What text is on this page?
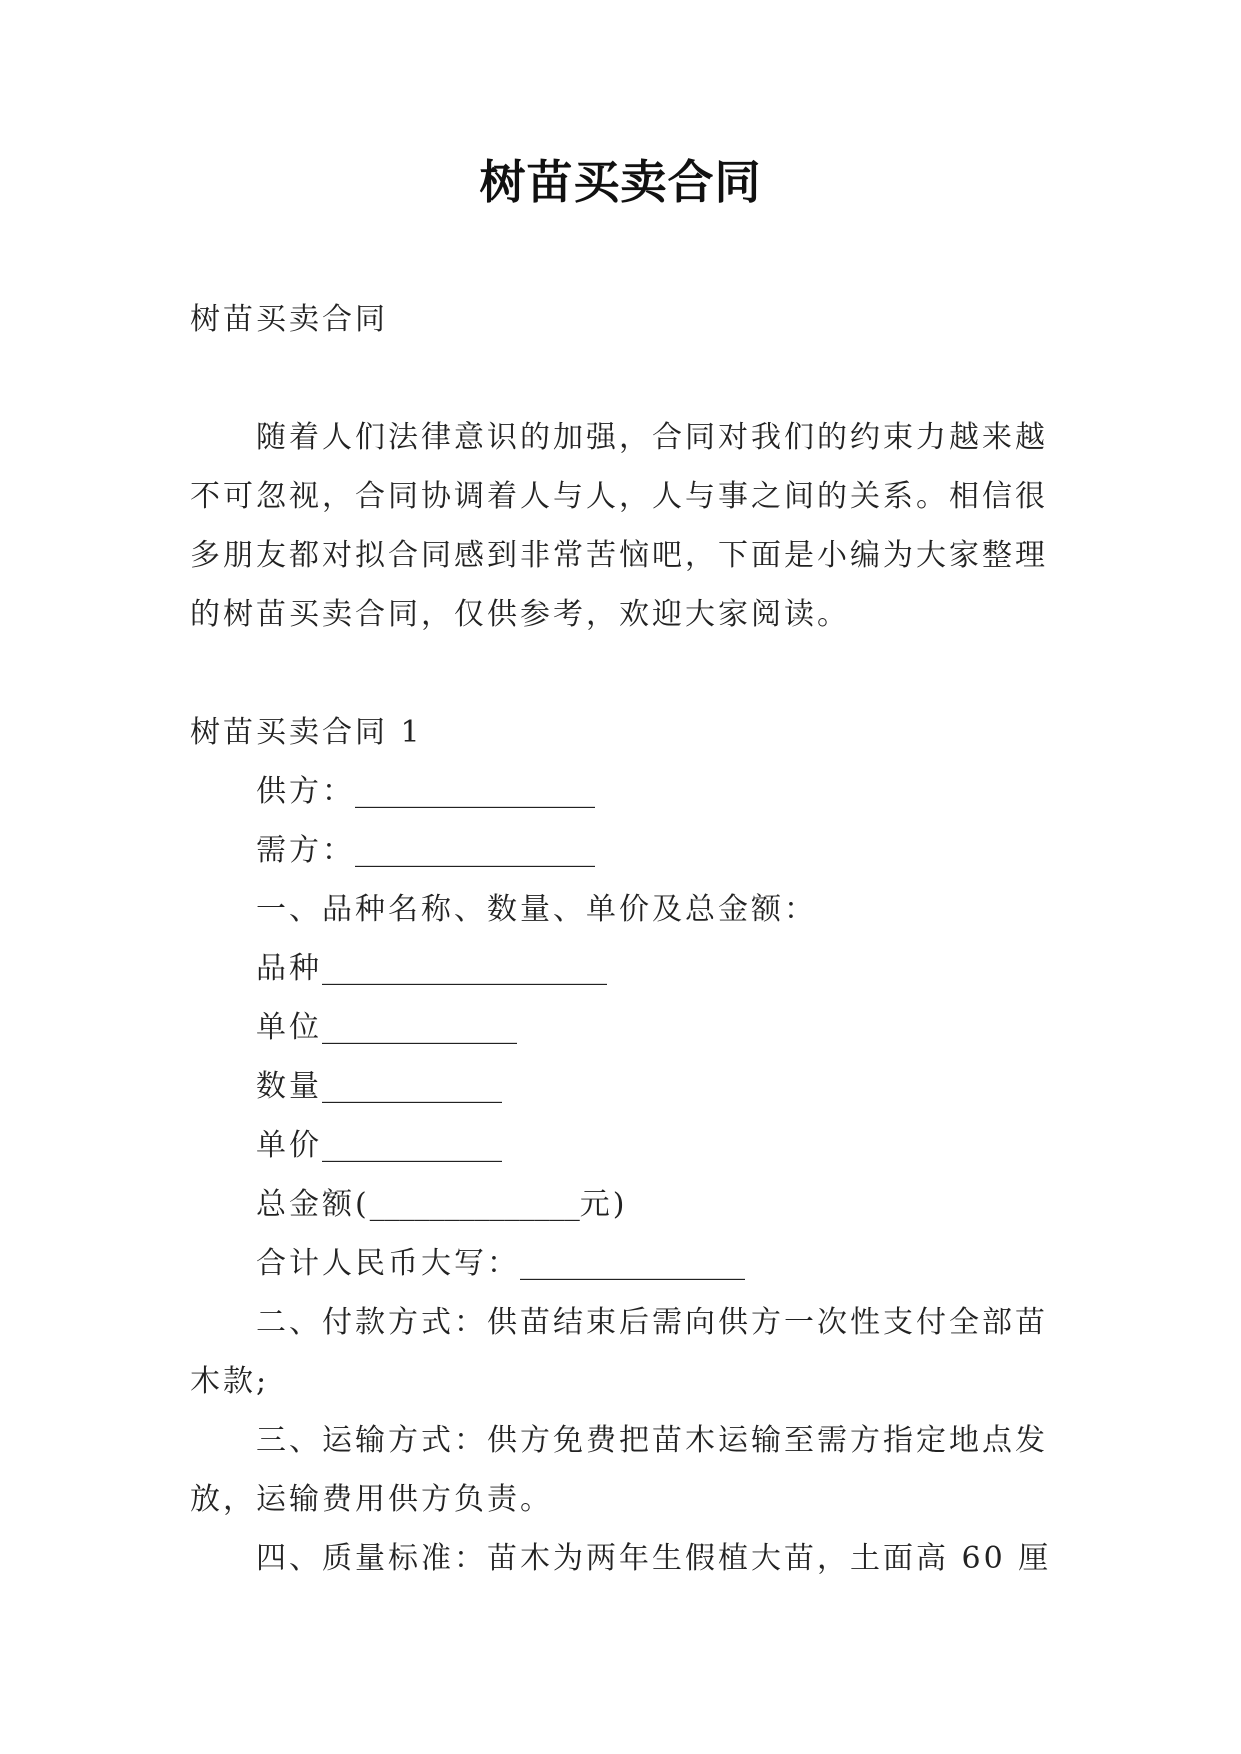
树苗买卖合同

树苗买卖合同

随着人们法律意识的加强，合同对我们的约束力越来越不可忽视，合同协调着人与人，人与事之间的关系。相信很多朋友都对拟合同感到非常苦恼吧，下面是小编为大家整理的树苗买卖合同，仅供参考，欢迎大家阅读。

树苗买卖合同 1

供方：________________

需方：________________

一、品种名称、数量、单价及总金额：

品种___________________

单位_____________

数量____________

单价____________

总金额(______________元)

合计人民币大写：_______________

二、付款方式：供苗结束后需向供方一次性支付全部苗木款;

三、运输方式：供方免费把苗木运输至需方指定地点发放，运输费用供方负责。

四、质量标准：苗木为两年生假植大苗，土面高 60 厘
